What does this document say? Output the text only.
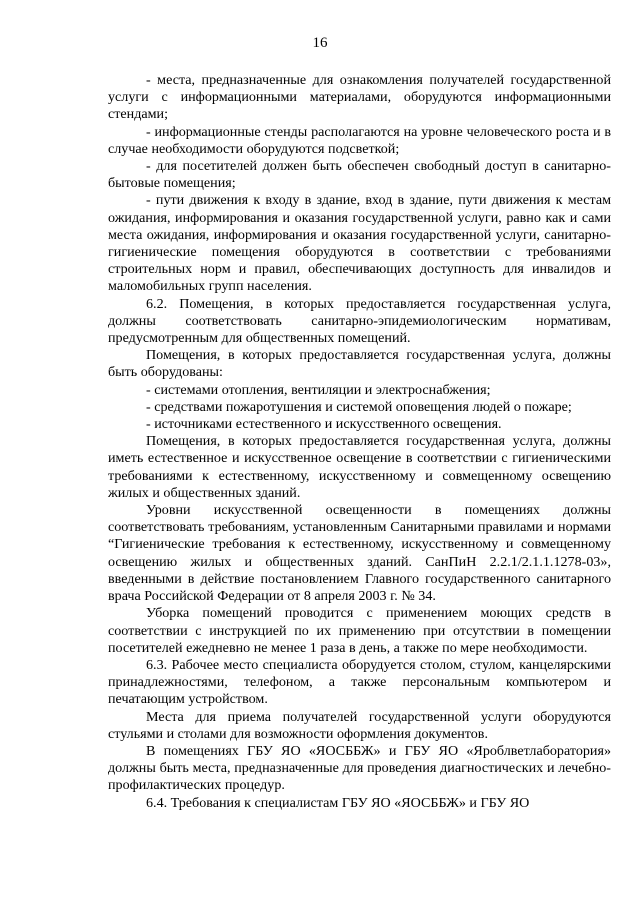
16

- места, предназначенные для ознакомления получателей государственной услуги с информационными материалами, оборудуются информационными стендами;

- информационные стенды располагаются на уровне человеческого роста и в случае необходимости оборудуются подсветкой;

- для посетителей должен быть обеспечен свободный доступ в санитарно-бытовые помещения;

- пути движения к входу в здание, вход в здание, пути движения к местам ожидания, информирования и оказания государственной услуги, равно как и сами места ожидания, информирования и оказания государственной услуги, санитарно-гигиенические помещения оборудуются в соответствии с требованиями строительных норм и правил, обеспечивающих доступность для инвалидов и маломобильных групп населения.

6.2. Помещения, в которых предоставляется государственная услуга, должны соответствовать санитарно-эпидемиологическим нормативам, предусмотренным для общественных помещений.

Помещения, в которых предоставляется государственная услуга, должны быть оборудованы:

- системами отопления, вентиляции и электроснабжения;

- средствами пожаротушения и системой оповещения людей о пожаре;

- источниками естественного и искусственного освещения.

Помещения, в которых предоставляется государственная услуга, должны иметь естественное и искусственное освещение в соответствии с гигиеническими требованиями к естественному, искусственному и совмещенному освещению жилых и общественных зданий.

Уровни искусственной освещенности в помещениях должны соответствовать требованиям, установленным Санитарными правилами и нормами “Гигиенические требования к естественному, искусственному и совмещенному освещению жилых и общественных зданий. СанПиН 2.2.1/2.1.1.1278-03», введенными в действие постановлением Главного государственного санитарного врача Российской Федерации от 8 апреля 2003 г. № 34.

Уборка помещений проводится с применением моющих средств в соответствии с инструкцией по их применению при отсутствии в помещении посетителей ежедневно не менее 1 раза в день, а также по мере необходимости.

6.3. Рабочее место специалиста оборудуется столом, стулом, канцелярскими принадлежностями, телефоном, а также персональным компьютером и печатающим устройством.

Места для приема получателей государственной услуги оборудуются стульями и столами для возможности оформления документов.

В помещениях ГБУ ЯО «ЯОСББЖ» и ГБУ ЯО «Яроблветлаборатория» должны быть места, предназначенные для проведения диагностических и лечебно-профилактических процедур.

6.4. Требования к специалистам ГБУ ЯО «ЯОСББЖ» и ГБУ ЯО
